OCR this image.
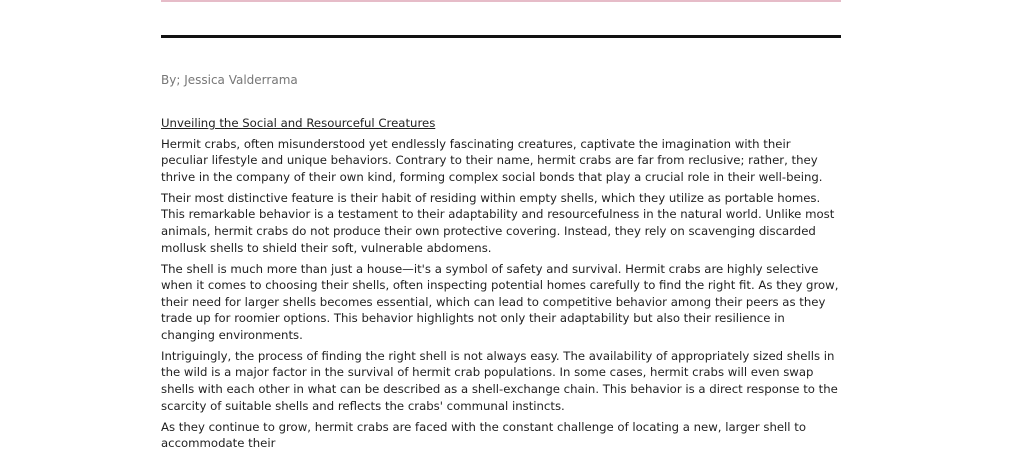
By; Jessica Valderrama
Unveiling the Social and Resourceful Creatures

Hermit crabs, often misunderstood yet endlessly fascinating creatures, captivate the imagination with their peculiar lifestyle and unique behaviors. Contrary to their name, hermit crabs are far from reclusive; rather, they thrive in the company of their own kind, forming complex social bonds that play a crucial role in their well-being.

Their most distinctive feature is their habit of residing within empty shells, which they utilize as portable homes. This remarkable behavior is a testament to their adaptability and resourcefulness in the natural world. Unlike most animals, hermit crabs do not produce their own protective covering. Instead, they rely on scavenging discarded mollusk shells to shield their soft, vulnerable abdomens.

The shell is much more than just a house—it's a symbol of safety and survival. Hermit crabs are highly selective when it comes to choosing their shells, often inspecting potential homes carefully to find the right fit. As they grow, their need for larger shells becomes essential, which can lead to competitive behavior among their peers as they trade up for roomier options. This behavior highlights not only their adaptability but also their resilience in changing environments.

Intriguingly, the process of finding the right shell is not always easy. The availability of appropriately sized shells in the wild is a major factor in the survival of hermit crab populations. In some cases, hermit crabs will even swap shells with each other in what can be described as a shell-exchange chain. This behavior is a direct response to the scarcity of suitable shells and reflects the crabs' communal instincts.

As they continue to grow, hermit crabs are faced with the constant challenge of locating a new, larger shell to accommodate their
